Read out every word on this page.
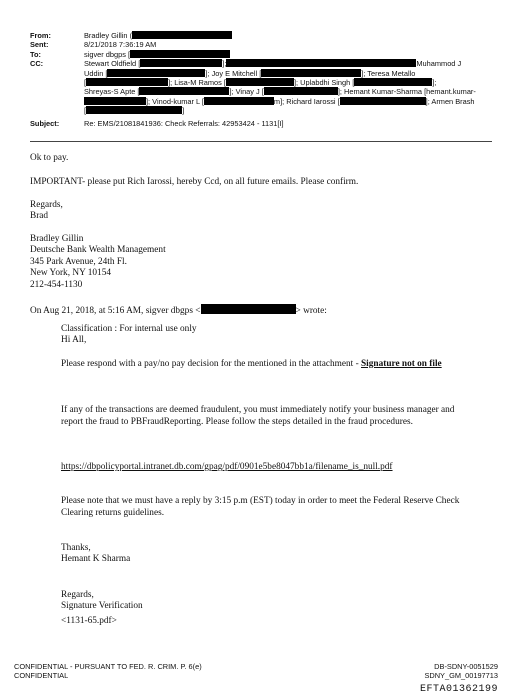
From:	Bradley Gillin (
Sent:	8/21/2018 7:36:19 AM
To:	sigver dbgps [
CC:	Stewart Oldfield [	];	Muhammod J
Uddin [	]; Joy E Mitchell [	]; Teresa Metallo
[	]; Lisa-M Ramos [	]; Uplabdhi Singh [	];
Shreyas-S Apte [	]; Vinay J [	]; Hemant Kumar-Sharma [hemant.kumar-
]; Vinod-kumar L [	m]; Richard Iarossi [	]; Armen Brash
[	]
Subject:	Re: EMS/21081841936: Check Referrals: 42953424 - 1131[I]
Ok to pay.
IMPORTANT- please put Rich Iarossi, hereby Ccd, on all future emails. Please confirm.
Regards,
Brad
Bradley Gillin
Deutsche Bank Wealth Management
345 Park Avenue, 24th Fl.
New York, NY 10154
212-454-1130
On Aug 21, 2018, at 5:16 AM, sigver dbgps <	> wrote:
Classification : For internal use only
Hi All,
Please respond with a pay/no pay decision for the mentioned in the attachment - Signature not on file
If any of the transactions are deemed fraudulent, you must immediately notify your business manager and report the fraud to PBFraudReporting. Please follow the steps detailed in the fraud procedures.
https://dbpolicyportal.intranet.db.com/gpag/pdf/0901e5be8047bb1a/filename_is_null.pdf
Please note that we must have a reply by 3:15 p.m (EST) today in order to meet the Federal Reserve Check Clearing returns guidelines.
Thanks,
Hemant K Sharma
Regards,
Signature Verification
<1131-65.pdf>
CONFIDENTIAL - PURSUANT TO FED. R. CRIM. P. 6(e)
CONFIDENTIAL
DB-SDNY-0051529
SDNY_GM_00197713
EFTA01362199
